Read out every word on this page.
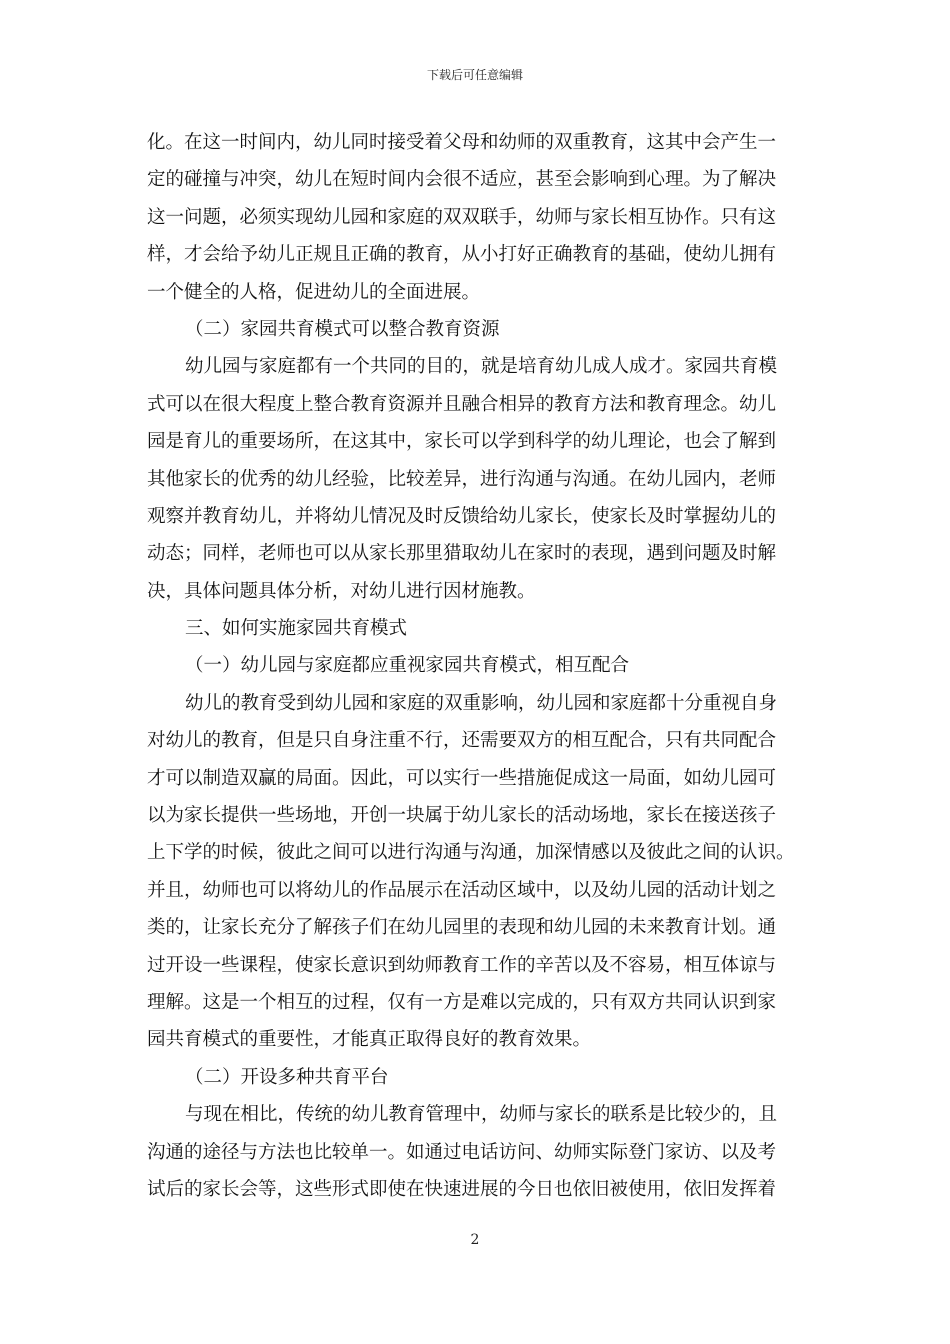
下载后可任意编辑
化。在这一时间内，幼儿同时接受着父母和幼师的双重教育，这其中会产生一
定的碰撞与冲突，幼儿在短时间内会很不适应，甚至会影响到心理。为了解决
这一问题，必须实现幼儿园和家庭的双双联手，幼师与家长相互协作。只有这
样，才会给予幼儿正规且正确的教育，从小打好正确教育的基础，使幼儿拥有
一个健全的人格，促进幼儿的全面进展。
（二）家园共育模式可以整合教育资源
幼儿园与家庭都有一个共同的目的，就是培育幼儿成人成才。家园共育模
式可以在很大程度上整合教育资源并且融合相异的教育方法和教育理念。幼儿
园是育儿的重要场所，在这其中，家长可以学到科学的幼儿理论，也会了解到
其他家长的优秀的幼儿经验，比较差异，进行沟通与沟通。在幼儿园内，老师
观察并教育幼儿，并将幼儿情况及时反馈给幼儿家长，使家长及时掌握幼儿的
动态；同样，老师也可以从家长那里猎取幼儿在家时的表现，遇到问题及时解
决，具体问题具体分析，对幼儿进行因材施教。
三、如何实施家园共育模式
（一）幼儿园与家庭都应重视家园共育模式，相互配合
幼儿的教育受到幼儿园和家庭的双重影响，幼儿园和家庭都十分重视自身
对幼儿的教育，但是只自身注重不行，还需要双方的相互配合，只有共同配合
才可以制造双赢的局面。因此，可以实行一些措施促成这一局面，如幼儿园可
以为家长提供一些场地，开创一块属于幼儿家长的活动场地，家长在接送孩子
上下学的时候，彼此之间可以进行沟通与沟通，加深情感以及彼此之间的认识。
并且，幼师也可以将幼儿的作品展示在活动区域中，以及幼儿园的活动计划之
类的，让家长充分了解孩子们在幼儿园里的表现和幼儿园的未来教育计划。通
过开设一些课程，使家长意识到幼师教育工作的辛苦以及不容易，相互体谅与
理解。这是一个相互的过程，仅有一方是难以完成的，只有双方共同认识到家
园共育模式的重要性，才能真正取得良好的教育效果。
（二）开设多种共育平台
与现在相比，传统的幼儿教育管理中，幼师与家长的联系是比较少的，且
沟通的途径与方法也比较单一。如通过电话访问、幼师实际登门家访、以及考
试后的家长会等，这些形式即使在快速进展的今日也依旧被使用，依旧发挥着
2
